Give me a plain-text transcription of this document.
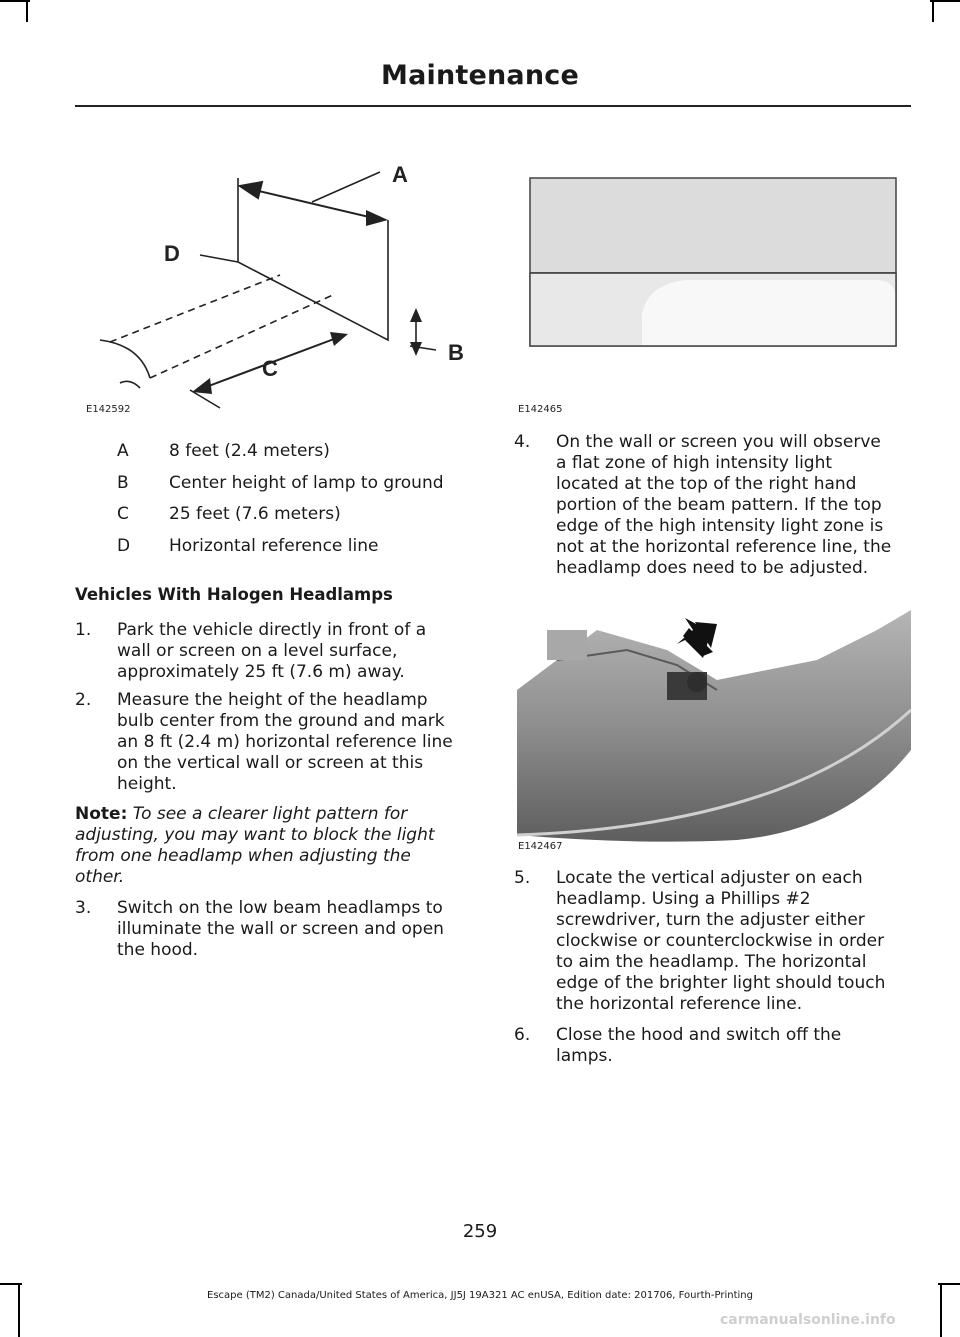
Maintenance
A
D
B
C
E142592	E142465
E142467
A 8 feet (2.4 meters)
B Center height of lamp to ground
C 25 feet (7.6 meters)
D Horizontal reference line
Vehicles With Halogen Headlamps
1. Park the vehicle directly in front of a
wall or screen on a level surface,
approximately 25 ft (7.6 m) away.
2. Measure the height of the headlamp
bulb center from the ground and mark
an 8 ft (2.4 m) horizontal reference line
on the vertical wall or screen at this
height.
Note: To see a clearer light pattern for
adjusting, you may want to block the light
from one headlamp when adjusting the
other.
3. Switch on the low beam headlamps to
illuminate the wall or screen and open
the hood.
4. On the wall or screen you will observe
a flat zone of high intensity light
located at the top of the right hand
portion of the beam pattern. If the top
edge of the high intensity light zone is
not at the horizontal reference line, the
headlamp does need to be adjusted.
5. Locate the vertical adjuster on each
headlamp. Using a Phillips #2
screwdriver, turn the adjuster either
clockwise or counterclockwise in order
to aim the headlamp. The horizontal
edge of the brighter light should touch
the horizontal reference line.
6. Close the hood and switch off the
lamps.
259
Escape (TM2) Canada/United States of America, JJ5J 19A321 AC enUSA, Edition date: 201706, Fourth-Printing
carmanualsonline.info
